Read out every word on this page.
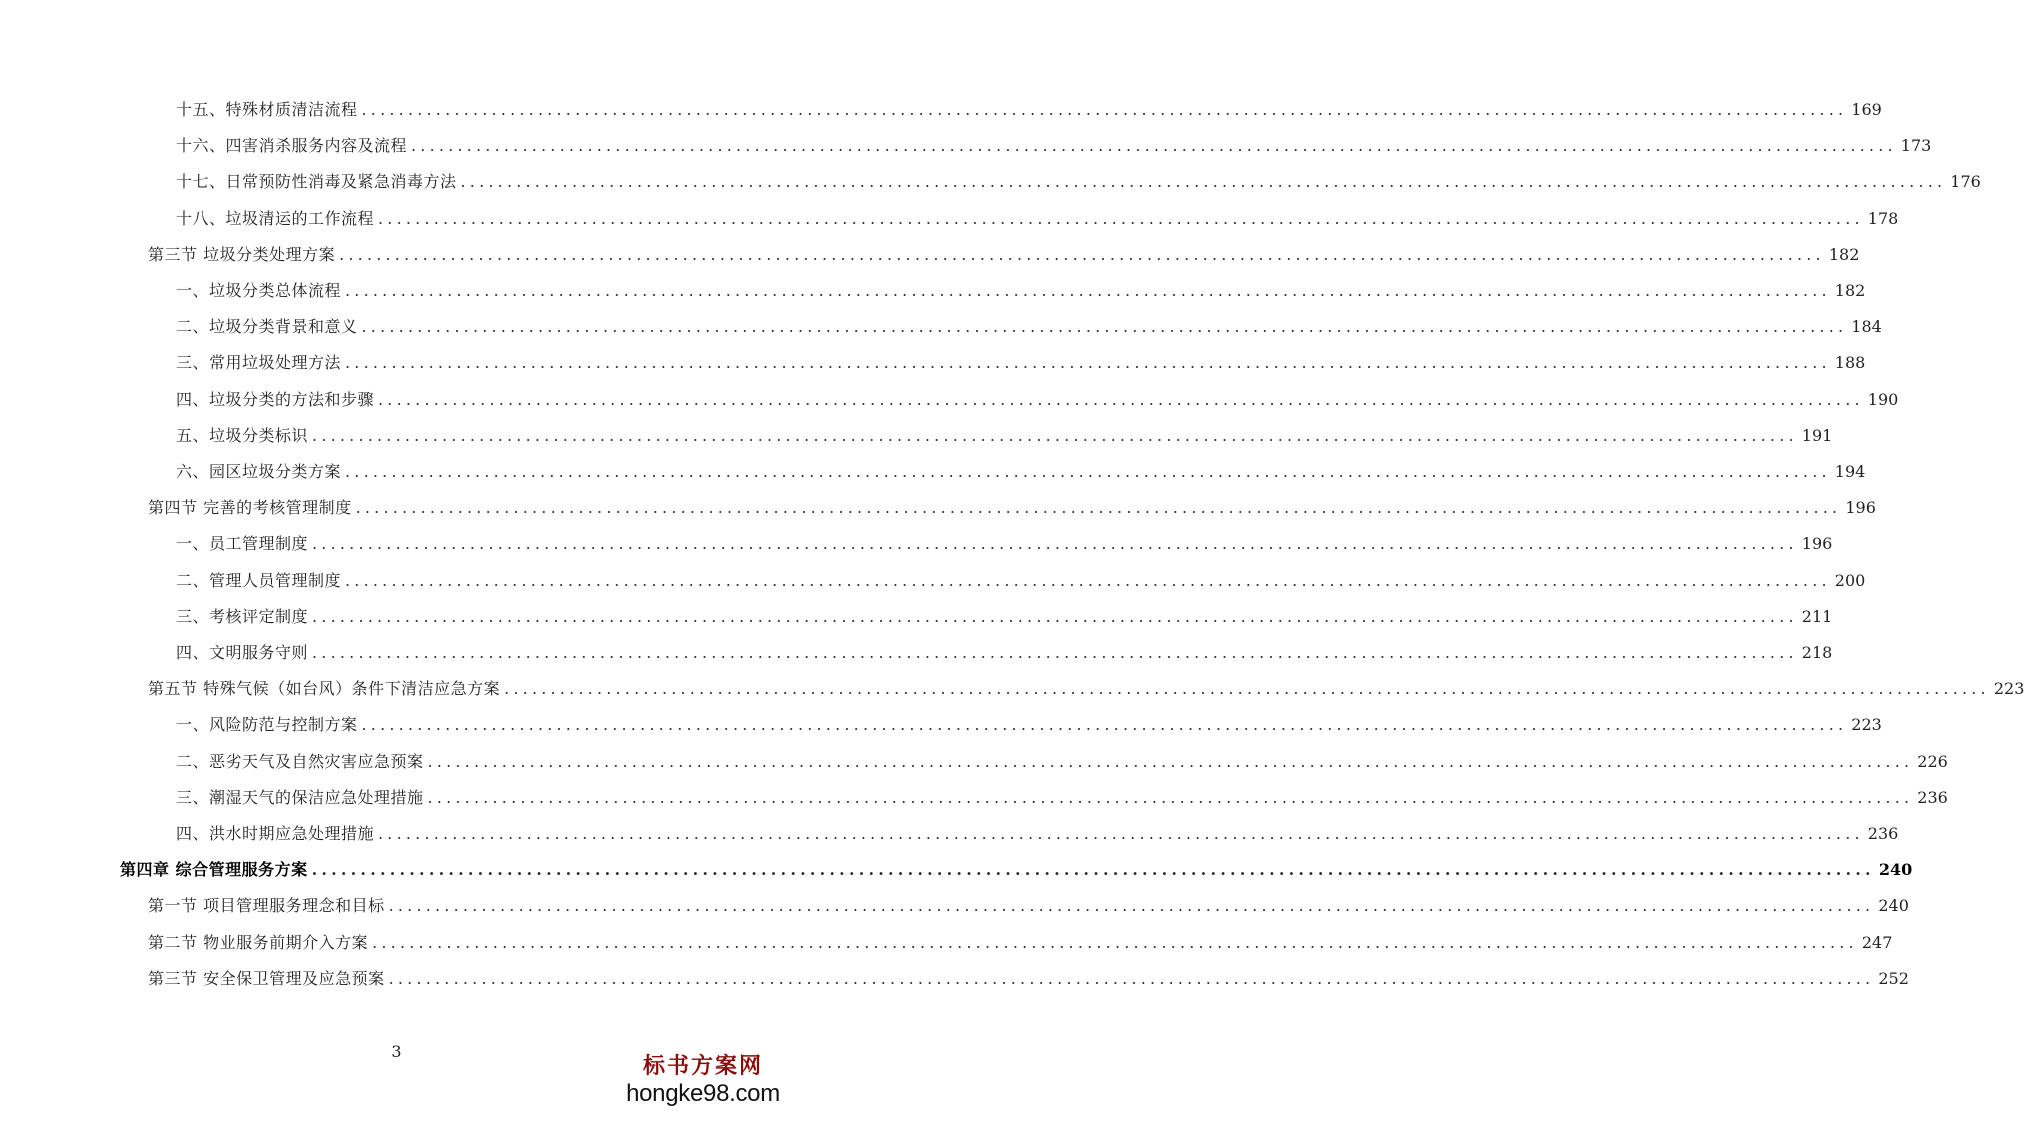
十五、特殊材质清洁流程 ................................................................................................................................................................ 169
十六、四害消杀服务内容及流程 ................................................................................................................................................................ 173
十七、日常预防性消毒及紧急消毒方法 ................................................................................................................................................................ 176
十八、垃圾清运的工作流程 ................................................................................................................................................................ 178
第三节 垃圾分类处理方案 ................................................................................................................................................................ 182
一、垃圾分类总体流程 ................................................................................................................................................................ 182
二、垃圾分类背景和意义 ................................................................................................................................................................ 184
三、常用垃圾处理方法 ................................................................................................................................................................ 188
四、垃圾分类的方法和步骤 ................................................................................................................................................................ 190
五、垃圾分类标识 ................................................................................................................................................................ 191
六、园区垃圾分类方案 ................................................................................................................................................................ 194
第四节 完善的考核管理制度 ................................................................................................................................................................ 196
一、员工管理制度 ................................................................................................................................................................ 196
二、管理人员管理制度 ................................................................................................................................................................ 200
三、考核评定制度 ................................................................................................................................................................ 211
四、文明服务守则 ................................................................................................................................................................ 218
第五节 特殊气候（如台风）条件下清洁应急方案 ................................................................................................................................................................ 223
一、风险防范与控制方案 ................................................................................................................................................................ 223
二、恶劣天气及自然灾害应急预案 ................................................................................................................................................................ 226
三、潮湿天气的保洁应急处理措施 ................................................................................................................................................................ 236
四、洪水时期应急处理措施 ................................................................................................................................................................ 236
第四章 综合管理服务方案 ................................................................................................................................................................ 240
第一节 项目管理服务理念和目标 ................................................................................................................................................................ 240
第二节 物业服务前期介入方案 ................................................................................................................................................................ 247
第三节 安全保卫管理及应急预案 ................................................................................................................................................................ 252
3
标书方案网
hongke98.com
